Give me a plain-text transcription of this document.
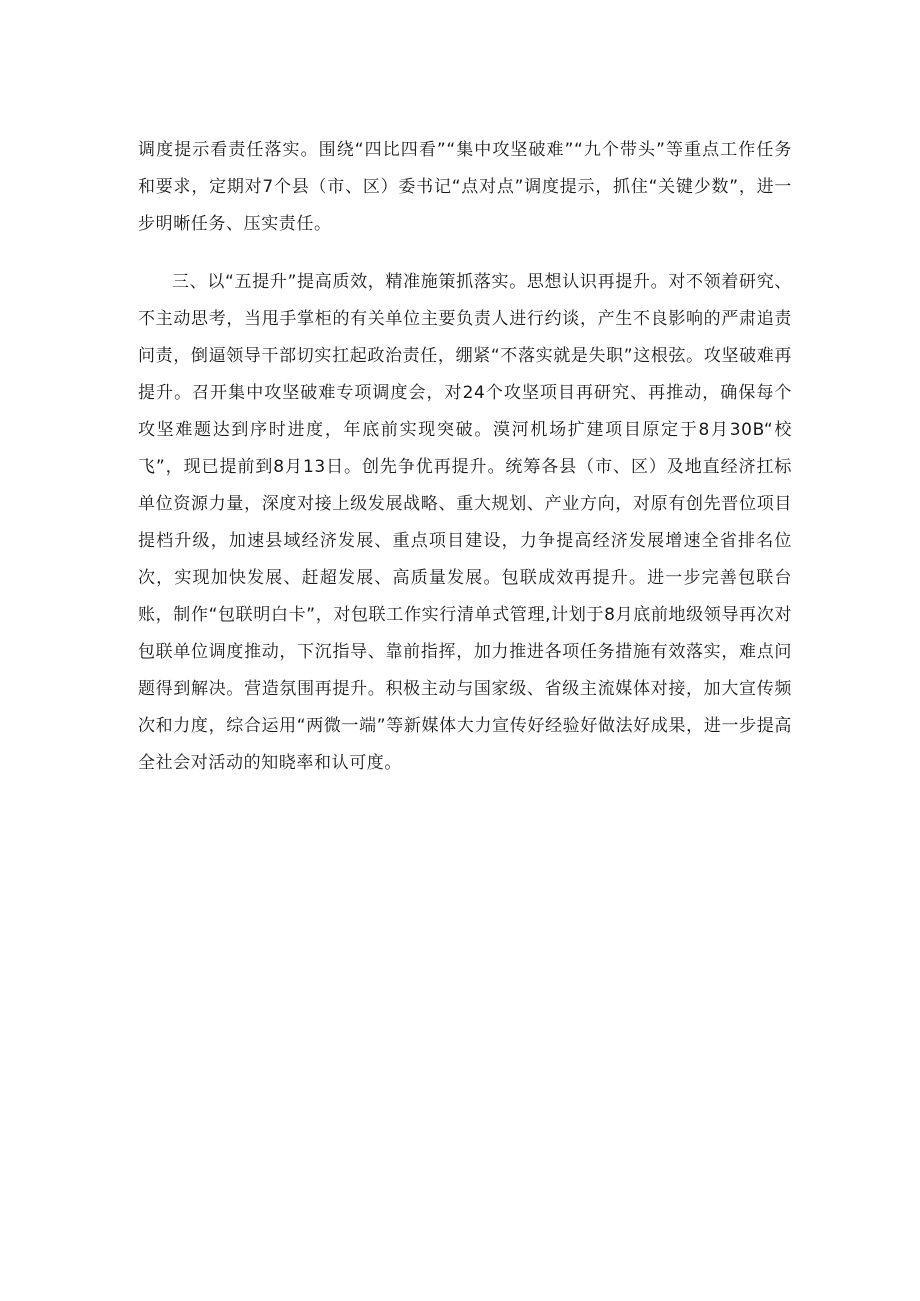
调度提示看责任落实。围绕“四比四看”“集中攻坚破难”“九个带头”等重点工作任务和要求，定期对7个县（市、区）委书记“点对点”调度提示，抓住“关键少数”，进一步明晰任务、压实责任。

三、以“五提升”提高质效，精准施策抓落实。思想认识再提升。对不领着研究、不主动思考，当甩手掌柜的有关单位主要负责人进行约谈，产生不良影响的严肃追责问责，倒逼领导干部切实扛起政治责任，绷紧“不落实就是失职”这根弦。攻坚破难再提升。召开集中攻坚破难专项调度会，对24个攻坚项目再研究、再推动，确保每个攻坚难题达到序时进度，年底前实现突破。漠河机场扩建项目原定于8月30B“校飞”，现已提前到8月13日。创先争优再提升。统筹各县（市、区）及地直经济扛标单位资源力量，深度对接上级发展战略、重大规划、产业方向，对原有创先晋位项目提档升级，加速县域经济发展、重点项目建设，力争提高经济发展增速全省排名位次，实现加快发展、赶超发展、高质量发展。包联成效再提升。进一步完善包联台账，制作“包联明白卡”，对包联工作实行清单式管理,计划于8月底前地级领导再次对包联单位调度推动，下沉指导、靠前指挥，加力推进各项任务措施有效落实，难点问题得到解决。营造氛围再提升。积极主动与国家级、省级主流媒体对接，加大宣传频次和力度，综合运用“两微一端”等新媒体大力宣传好经验好做法好成果，进一步提高全社会对活动的知晓率和认可度。
